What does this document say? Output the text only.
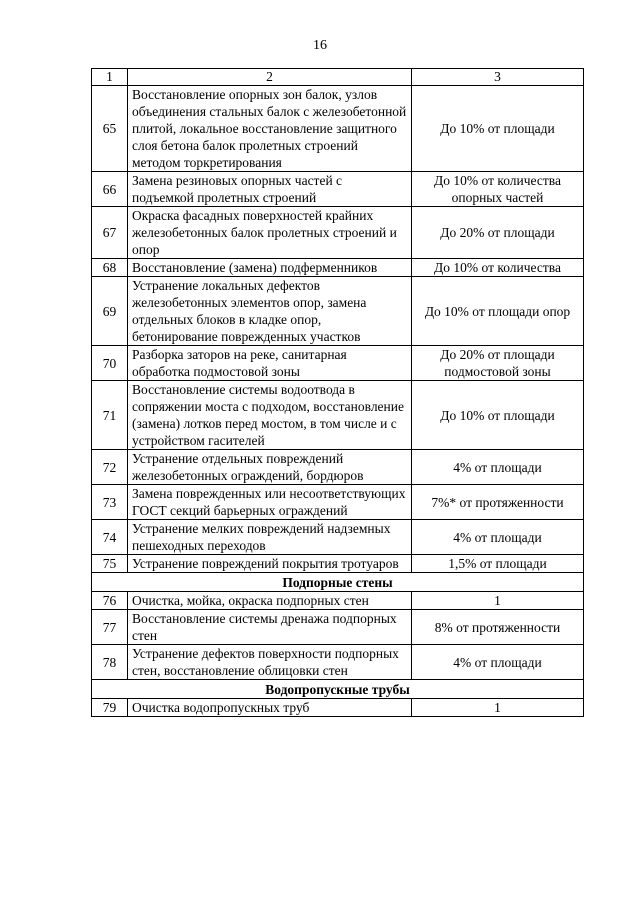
16
1	2	3
65	Восстановление опорных зон балок, узлов объединения стальных балок с железобетонной плитой, локальное восстановление защитного слоя бетона балок пролетных строений методом торкретирования	До 10% от площади
66	Замена резиновых опорных частей с подъемкой пролетных строений	До 10% от количества опорных частей
67	Окраска фасадных поверхностей крайних железобетонных балок пролетных строений и опор	До 20% от площади
68	Восстановление (замена) подферменников	До 10% от количества
69	Устранение локальных дефектов железобетонных элементов опор, замена отдельных блоков в кладке опор, бетонирование поврежденных участков	До 10% от площади опор
70	Разборка заторов на реке, санитарная обработка подмостовой зоны	До 20% от площади подмостовой зоны
71	Восстановление системы водоотвода в сопряжении моста с подходом, восстановление (замена) лотков перед мостом, в том числе и с устройством гасителей	До 10% от площади
72	Устранение отдельных повреждений железобетонных ограждений, бордюров	4% от площади
73	Замена поврежденных или несоответствующих ГОСТ секций барьерных ограждений	7%* от протяженности
74	Устранение мелких повреждений надземных пешеходных переходов	4% от площади
75	Устранение повреждений покрытия тротуаров	1,5% от площади
Подпорные стены		
76	Очистка, мойка, окраска подпорных стен	1
77	Восстановление системы дренажа подпорных стен	8% от протяженности
78	Устранение дефектов поверхности подпорных стен, восстановление облицовки стен	4% от площади
Водопропускные трубы		
79	Очистка водопропускных труб	1
